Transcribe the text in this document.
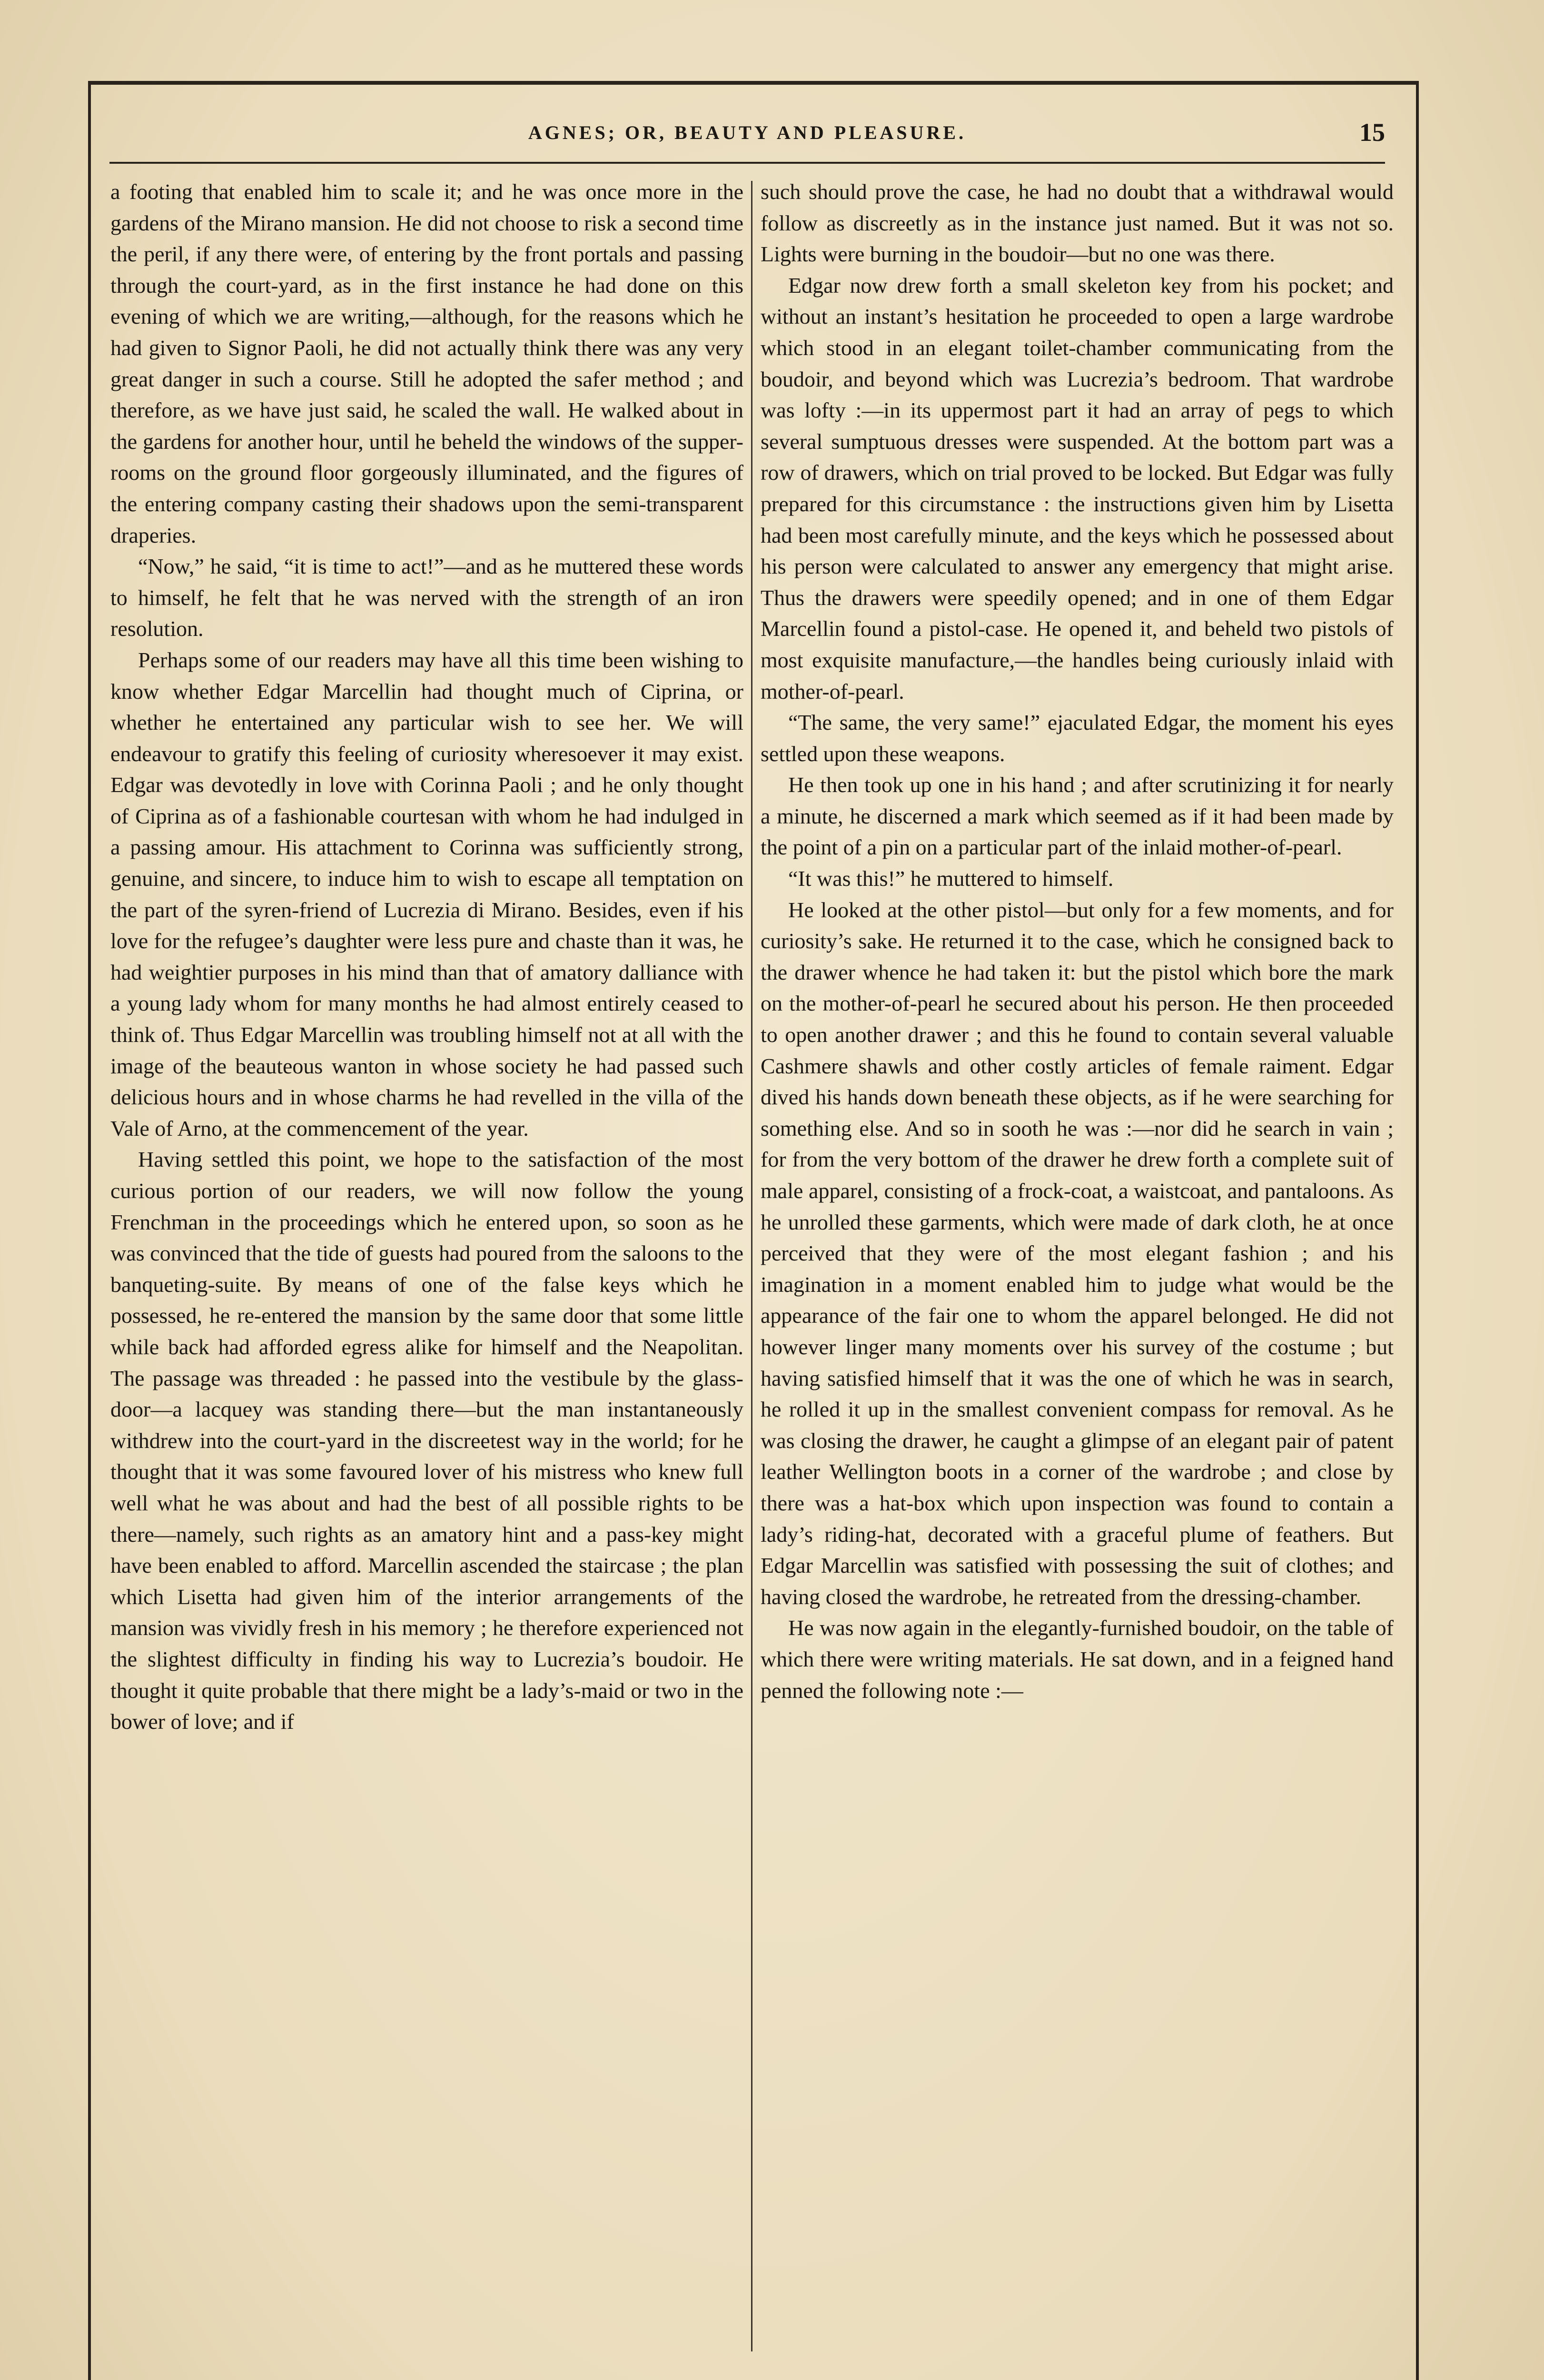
AGNES; OR, BEAUTY AND PLEASURE.	15

a footing that enabled him to scale it; and he was once more in the gardens of the Mirano mansion. He did not choose to risk a second time the peril, if any there were, of entering by the front portals and passing through the court-yard, as in the first instance he had done on this evening of which we are writing,—although, for the reasons which he had given to Signor Paoli, he did not actually think there was any very great danger in such a course. Still he adopted the safer method ; and therefore, as we have just said, he scaled the wall. He walked about in the gardens for another hour, until he beheld the windows of the supper-rooms on the ground floor gorgeously illuminated, and the figures of the entering company casting their shadows upon the semi-transparent draperies.

“Now,” he said, “it is time to act!”—and as he muttered these words to himself, he felt that he was nerved with the strength of an iron resolution.

Perhaps some of our readers may have all this time been wishing to know whether Edgar Marcellin had thought much of Ciprina, or whether he entertained any particular wish to see her. We will endeavour to gratify this feeling of curiosity wheresoever it may exist. Edgar was devotedly in love with Corinna Paoli ; and he only thought of Ciprina as of a fashionable courtesan with whom he had indulged in a passing amour. His attachment to Corinna was sufficiently strong, genuine, and sincere, to induce him to wish to escape all temptation on the part of the syren-friend of Lucrezia di Mirano. Besides, even if his love for the refugee’s daughter were less pure and chaste than it was, he had weightier purposes in his mind than that of amatory dalliance with a young lady whom for many months he had almost entirely ceased to think of. Thus Edgar Marcellin was troubling himself not at all with the image of the beauteous wanton in whose society he had passed such delicious hours and in whose charms he had revelled in the villa of the Vale of Arno, at the commencement of the year.

Having settled this point, we hope to the satisfaction of the most curious portion of our readers, we will now follow the young Frenchman in the proceedings which he entered upon, so soon as he was convinced that the tide of guests had poured from the saloons to the banqueting-suite. By means of one of the false keys which he possessed, he re-entered the mansion by the same door that some little while back had afforded egress alike for himself and the Neapolitan. The passage was threaded : he passed into the vestibule by the glass-door—a lacquey was standing there—but the man instantaneously withdrew into the court-yard in the discreetest way in the world; for he thought that it was some favoured lover of his mistress who knew full well what he was about and had the best of all possible rights to be there—namely, such rights as an amatory hint and a pass-key might have been enabled to afford. Marcellin ascended the staircase ; the plan which Lisetta had given him of the interior arrangements of the mansion was vividly fresh in his memory ; he therefore experienced not the slightest difficulty in finding his way to Lucrezia’s boudoir. He thought it quite probable that there might be a lady’s-maid or two in the bower of love; and if

such should prove the case, he had no doubt that a withdrawal would follow as discreetly as in the instance just named. But it was not so. Lights were burning in the boudoir—but no one was there.

Edgar now drew forth a small skeleton key from his pocket; and without an instant’s hesitation he proceeded to open a large wardrobe which stood in an elegant toilet-chamber communicating from the boudoir, and beyond which was Lucrezia’s bedroom. That wardrobe was lofty :—in its uppermost part it had an array of pegs to which several sumptuous dresses were suspended. At the bottom part was a row of drawers, which on trial proved to be locked. But Edgar was fully prepared for this circumstance : the instructions given him by Lisetta had been most carefully minute, and the keys which he possessed about his person were calculated to answer any emergency that might arise. Thus the drawers were speedily opened; and in one of them Edgar Marcellin found a pistol-case. He opened it, and beheld two pistols of most exquisite manufacture,—the handles being curiously inlaid with mother-of-pearl.

“The same, the very same!” ejaculated Edgar, the moment his eyes settled upon these weapons.

He then took up one in his hand ; and after scrutinizing it for nearly a minute, he discerned a mark which seemed as if it had been made by the point of a pin on a particular part of the inlaid mother-of-pearl.

“It was this!” he muttered to himself.

He looked at the other pistol—but only for a few moments, and for curiosity’s sake. He returned it to the case, which he consigned back to the drawer whence he had taken it: but the pistol which bore the mark on the mother-of-pearl he secured about his person. He then proceeded to open another drawer ; and this he found to contain several valuable Cashmere shawls and other costly articles of female raiment. Edgar dived his hands down beneath these objects, as if he were searching for something else. And so in sooth he was :—nor did he search in vain ; for from the very bottom of the drawer he drew forth a complete suit of male apparel, consisting of a frock-coat, a waistcoat, and pantaloons. As he unrolled these garments, which were made of dark cloth, he at once perceived that they were of the most elegant fashion ; and his imagination in a moment enabled him to judge what would be the appearance of the fair one to whom the apparel belonged. He did not however linger many moments over his survey of the costume ; but having satisfied himself that it was the one of which he was in search, he rolled it up in the smallest convenient compass for removal. As he was closing the drawer, he caught a glimpse of an elegant pair of patent leather Wellington boots in a corner of the wardrobe ; and close by there was a hat-box which upon inspection was found to contain a lady’s riding-hat, decorated with a graceful plume of feathers. But Edgar Marcellin was satisfied with possessing the suit of clothes; and having closed the wardrobe, he retreated from the dressing-chamber.

He was now again in the elegantly-furnished boudoir, on the table of which there were writing materials. He sat down, and in a feigned hand penned the following note :—
